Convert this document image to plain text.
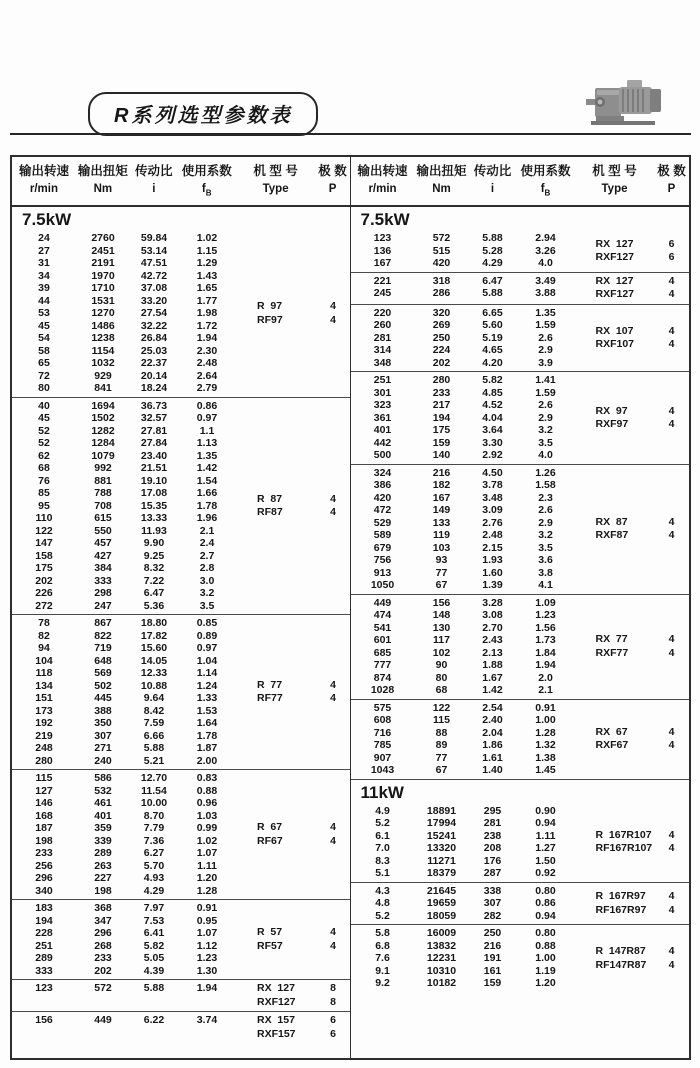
R系列选型参数表
输出转速 输出扭矩 传动比 使用系数	机 型 号	极 数
r/min	Nm	i	$f_B$	Type	P
7.5kW
24	2760	59.84	1.02
27	2451	53.14	1.15
31	2191	47.51	1.29
34	1970	42.72	1.43
39	1710	37.08	1.65
44	1531	33.20	1.77
53	1270	27.54	1.98
45	1486	32.22	1.72
54	1238	26.84	1.94
58	1154	25.03	2.30
65	1032	22.37	2.48
72	929	20.14	2.64
80	841	18.24	2.79
R  97	4
RF97	4
40	1694	36.73	0.86
45	1502	32.57	0.97
52	1282	27.81	1.1
52	1284	27.84	1.13
62	1079	23.40	1.35
68	992	21.51	1.42
76	881	19.10	1.54
85	788	17.08	1.66
95	708	15.35	1.78
110	615	13.33	1.96
122	550	11.93	2.1
147	457	9.90	2.4
158	427	9.25	2.7
175	384	8.32	2.8
202	333	7.22	3.0
226	298	6.47	3.2
272	247	5.36	3.5
R  87	4
RF87	4
78	867	18.80	0.85
82	822	17.82	0.89
94	719	15.60	0.97
104	648	14.05	1.04
118	569	12.33	1.14
134	502	10.88	1.24
151	445	9.64	1.33
173	388	8.42	1.53
192	350	7.59	1.64
219	307	6.66	1.78
248	271	5.88	1.87
280	240	5.21	2.00
R  77	4
RF77	4
115	586	12.70	0.83
127	532	11.54	0.88
146	461	10.00	0.96
168	401	8.70	1.03
187	359	7.79	0.99
198	339	7.36	1.02
233	289	6.27	1.07
256	263	5.70	1.11
296	227	4.93	1.20
340	198	4.29	1.28
R  67	4
RF67	4
183	368	7.97	0.91
194	347	7.53	0.95
228	296	6.41	1.07
251	268	5.82	1.12
289	233	5.05	1.23
333	202	4.39	1.30
R  57	4
RF57	4
123	572	5.88	1.94	RX  127	8
RXF127	8
156	449	6.22	3.74	RX  157	6
RXF157	6
输出转速 输出扭矩 传动比 使用系数	机 型 号	极 数
r/min	Nm	i	$f_B$	Type	P
7.5kW
123	572	5.88	2.94
136	515	5.28	3.26
167	420	4.29	4.0
RX  127	6
RXF127	6
221	318	6.47	3.49
245	286	5.88	3.88
RX  127	4
RXF127	4
220	320	6.65	1.35
260	269	5.60	1.59
281	250	5.19	2.6
314	224	4.65	2.9
348	202	4.20	3.9
RX  107	4
RXF107	4
251	280	5.82	1.41
301	233	4.85	1.59
323	217	4.52	2.6
361	194	4.04	2.9
401	175	3.64	3.2
442	159	3.30	3.5
500	140	2.92	4.0
RX  97	4
RXF97	4
324	216	4.50	1.26
386	182	3.78	1.58
420	167	3.48	2.3
472	149	3.09	2.6
529	133	2.76	2.9
589	119	2.48	3.2
679	103	2.15	3.5
756	93	1.93	3.6
913	77	1.60	3.8
1050	67	1.39	4.1
RX  87	4
RXF87	4
449	156	3.28	1.09
474	148	3.08	1.23
541	130	2.70	1.56
601	117	2.43	1.73
685	102	2.13	1.84
777	90	1.88	1.94
874	80	1.67	2.0
1028	68	1.42	2.1
RX  77	4
RXF77	4
575	122	2.54	0.91
608	115	2.40	1.00
716	88	2.04	1.28
785	89	1.86	1.32
907	77	1.61	1.38
1043	67	1.40	1.45
RX  67	4
RXF67	4
11kW
4.9	18891	295	0.90
5.2	17994	281	0.94
6.1	15241	238	1.11
7.0	13320	208	1.27
8.3	11271	176	1.50
5.1	18379	287	0.92
R  167R107	4
RF167R107	4
4.3	21645	338	0.80
4.8	19659	307	0.86
5.2	18059	282	0.94
R  167R97	4
RF167R97	4
5.8	16009	250	0.80
6.8	13832	216	0.88
7.6	12231	191	1.00
9.1	10310	161	1.19
9.2	10182	159	1.20
R  147R87	4
RF147R87	4
